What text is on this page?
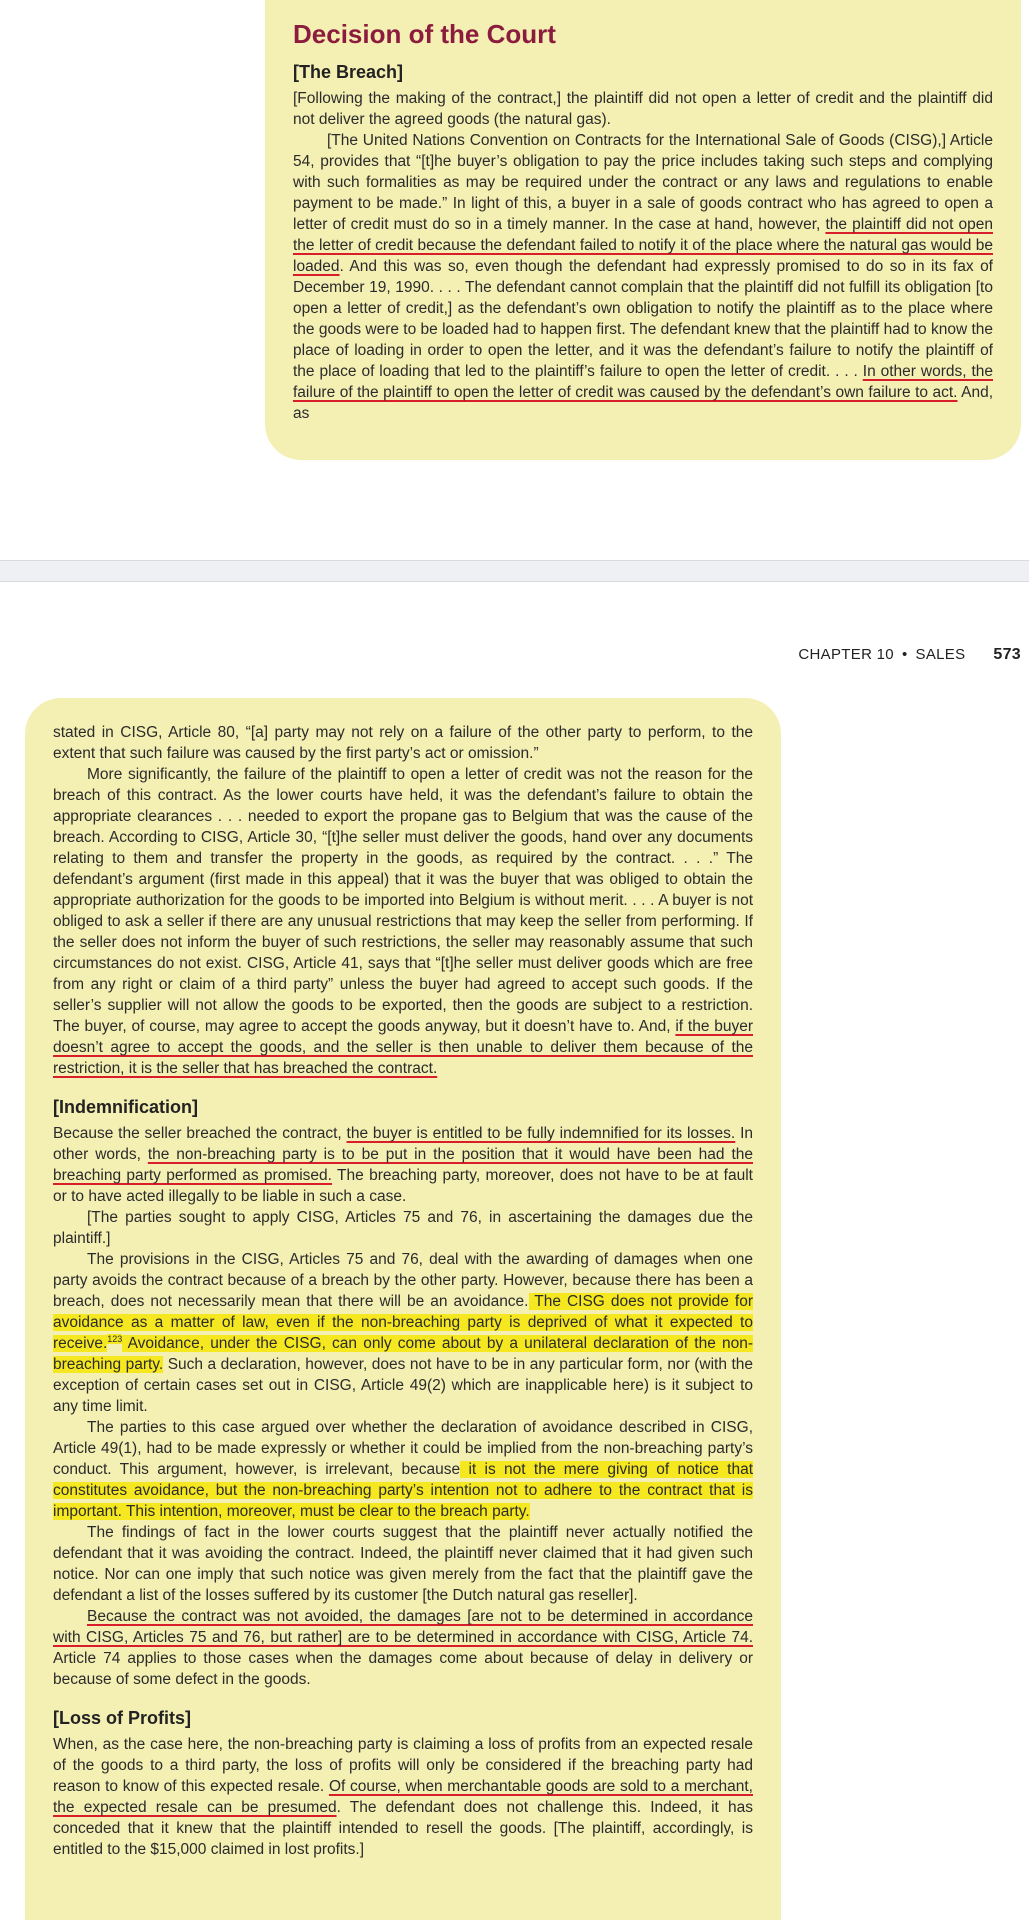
Decision of the Court
[The Breach]

[Following the making of the contract,] the plaintiff did not open a letter of credit and the plaintiff did not deliver the agreed goods (the natural gas).

[The United Nations Convention on Contracts for the International Sale of Goods (CISG),] Article 54, provides that “[t]he buyer’s obligation to pay the price includes taking such steps and complying with such formalities as may be required under the contract or any laws and regulations to enable payment to be made.” In light of this, a buyer in a sale of goods contract who has agreed to open a letter of credit must do so in a timely manner. In the case at hand, however, the plaintiff did not open the letter of credit because the defendant failed to notify it of the place where the natural gas would be loaded. And this was so, even though the defendant had expressly promised to do so in its fax of December 19, 1990. . . . The defendant cannot complain that the plaintiff did not fulfill its obligation [to open a letter of credit,] as the defendant’s own obligation to notify the plaintiff as to the place where the goods were to be loaded had to happen first. The defendant knew that the plaintiff had to know the place of loading in order to open the letter, and it was the defendant’s failure to notify the plaintiff of the place of loading that led to the plaintiff’s failure to open the letter of credit. . . . In other words, the failure of the plaintiff to open the letter of credit was caused by the defendant’s own failure to act. And, as

CHAPTER 10 • SALES 573

stated in CISG, Article 80, “[a] party may not rely on a failure of the other party to perform, to the extent that such failure was caused by the first party’s act or omission.”

More significantly, the failure of the plaintiff to open a letter of credit was not the reason for the breach of this contract. As the lower courts have held, it was the defendant’s failure to obtain the appropriate clearances . . . needed to export the propane gas to Belgium that was the cause of the breach. According to CISG, Article 30, “[t]he seller must deliver the goods, hand over any documents relating to them and transfer the property in the goods, as required by the contract. . . .” The defendant’s argument (first made in this appeal) that it was the buyer that was obliged to obtain the appropriate authorization for the goods to be imported into Belgium is without merit. . . . A buyer is not obliged to ask a seller if there are any unusual restrictions that may keep the seller from performing. If the seller does not inform the buyer of such restrictions, the seller may reasonably assume that such circumstances do not exist. CISG, Article 41, says that “[t]he seller must deliver goods which are free from any right or claim of a third party” unless the buyer had agreed to accept such goods. If the seller’s supplier will not allow the goods to be exported, then the goods are subject to a restriction. The buyer, of course, may agree to accept the goods anyway, but it doesn’t have to. And, if the buyer doesn’t agree to accept the goods, and the seller is then unable to deliver them because of the restriction, it is the seller that has breached the contract.

[Indemnification]

Because the seller breached the contract, the buyer is entitled to be fully indemnified for its losses. In other words, the non-breaching party is to be put in the position that it would have been had the breaching party performed as promised. The breaching party, moreover, does not have to be at fault or to have acted illegally to be liable in such a case.

[The parties sought to apply CISG, Articles 75 and 76, in ascertaining the damages due the plaintiff.]

The provisions in the CISG, Articles 75 and 76, deal with the awarding of damages when one party avoids the contract because of a breach by the other party. However, because there has been a breach, does not necessarily mean that there will be an avoidance. The CISG does not provide for avoidance as a matter of law, even if the non-breaching party is deprived of what it expected to receive.$^{123}$ Avoidance, under the CISG, can only come about by a unilateral declaration of the non-breaching party. Such a declaration, however, does not have to be in any particular form, nor (with the exception of certain cases set out in CISG, Article 49(2) which are inapplicable here) is it subject to any time limit.

The parties to this case argued over whether the declaration of avoidance described in CISG, Article 49(1), had to be made expressly or whether it could be implied from the non-breaching party’s conduct. This argument, however, is irrelevant, because it is not the mere giving of notice that constitutes avoidance, but the non-breaching party’s intention not to adhere to the contract that is important. This intention, moreover, must be clear to the breach party.

The findings of fact in the lower courts suggest that the plaintiff never actually notified the defendant that it was avoiding the contract. Indeed, the plaintiff never claimed that it had given such notice. Nor can one imply that such notice was given merely from the fact that the plaintiff gave the defendant a list of the losses suffered by its customer [the Dutch natural gas reseller].

Because the contract was not avoided, the damages [are not to be determined in accordance with CISG, Articles 75 and 76, but rather] are to be determined in accordance with CISG, Article 74. Article 74 applies to those cases when the damages come about because of delay in delivery or because of some defect in the goods.

[Loss of Profits]

When, as the case here, the non-breaching party is claiming a loss of profits from an expected resale of the goods to a third party, the loss of profits will only be considered if the breaching party had reason to know of this expected resale. Of course, when merchantable goods are sold to a merchant, the expected resale can be presumed. The defendant does not challenge this. Indeed, it has conceded that it knew that the plaintiff intended to resell the goods. [The plaintiff, accordingly, is entitled to the $15,000 claimed in lost profits.]
